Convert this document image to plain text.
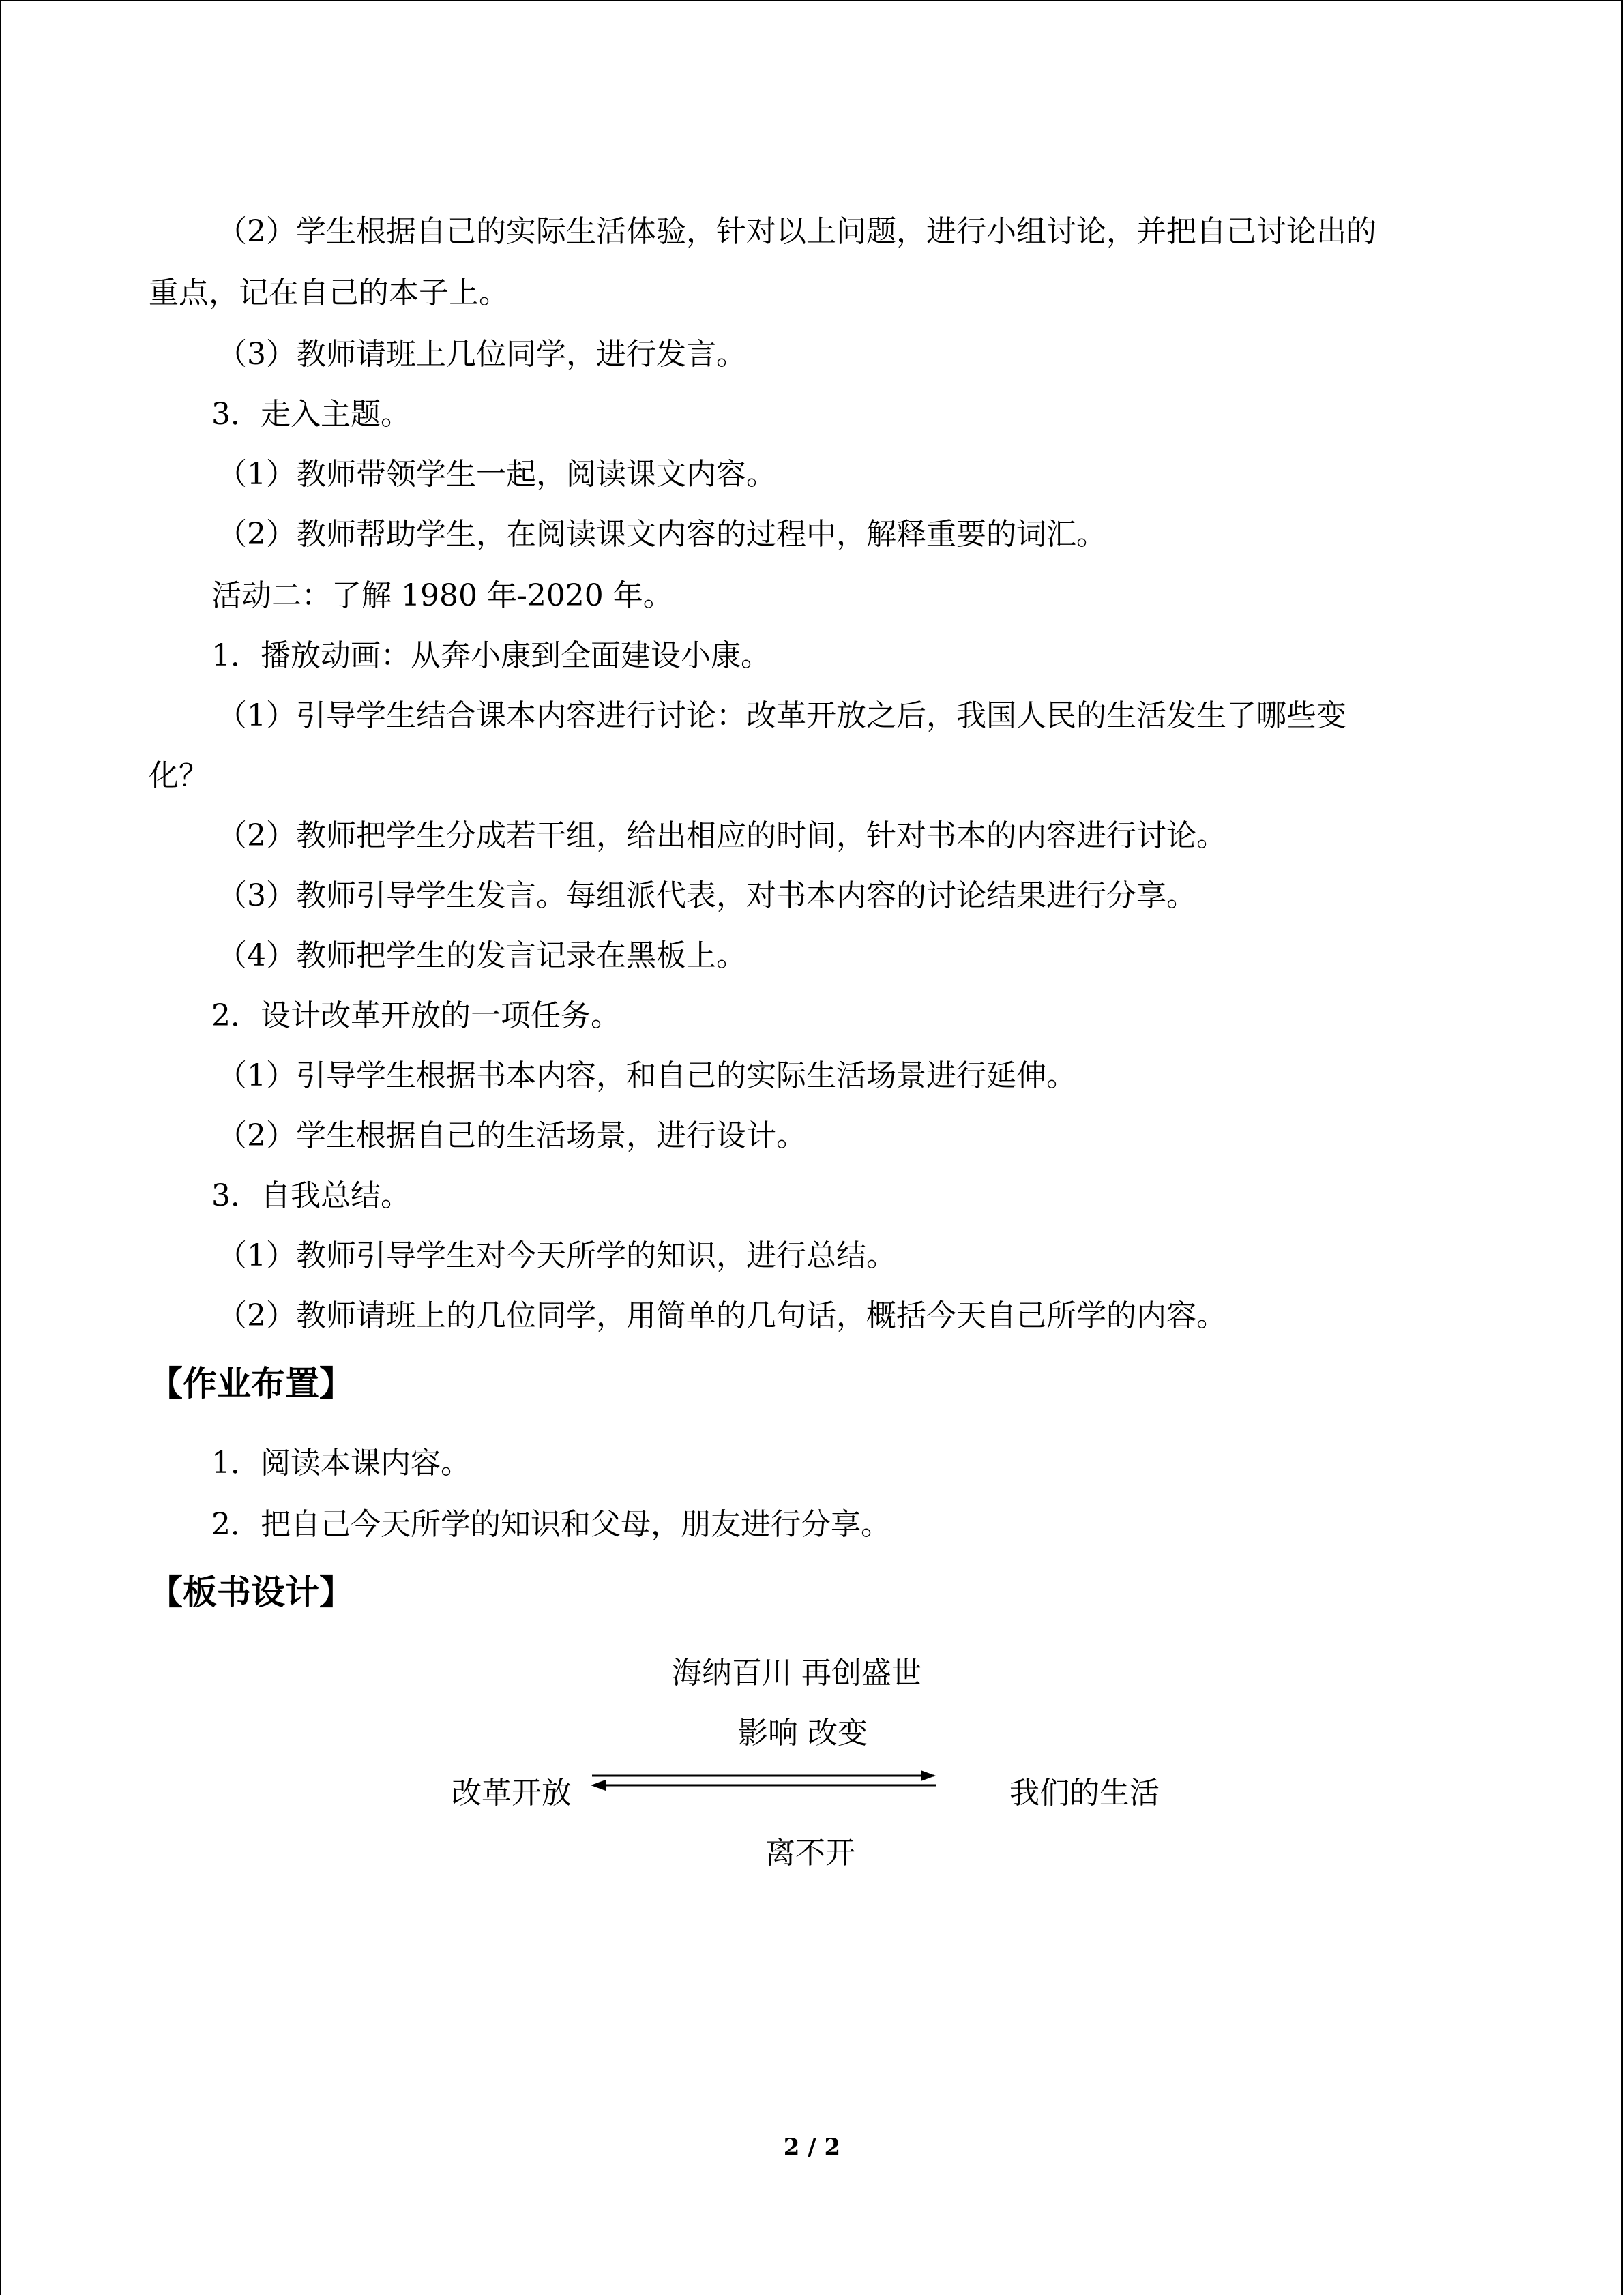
（2）学生根据自己的实际生活体验，针对以上问题，进行小组讨论，并把自己讨论出的
重点，记在自己的本子上。
（3）教师请班上几位同学，进行发言。
3．走入主题。
（1）教师带领学生一起，阅读课文内容。
（2）教师帮助学生，在阅读课文内容的过程中，解释重要的词汇。
活动二：了解 1980 年-2020 年。
1．播放动画：从奔小康到全面建设小康。
（1）引导学生结合课本内容进行讨论：改革开放之后，我国人民的生活发生了哪些变
化？
（2）教师把学生分成若干组，给出相应的时间，针对书本的内容进行讨论。
（3）教师引导学生发言。每组派代表，对书本内容的讨论结果进行分享。
（4）教师把学生的发言记录在黑板上。
2．设计改革开放的一项任务。
（1）引导学生根据书本内容，和自己的实际生活场景进行延伸。
（2）学生根据自己的生活场景，进行设计。
3．自我总结。
（1）教师引导学生对今天所学的知识，进行总结。
（2）教师请班上的几位同学，用简单的几句话，概括今天自己所学的内容。
【作业布置】
1．阅读本课内容。
2．把自己今天所学的知识和父母，朋友进行分享。
【板书设计】
海纳百川 再创盛世
影响 改变
改革开放	我们的生活
离不开
2 / 2
